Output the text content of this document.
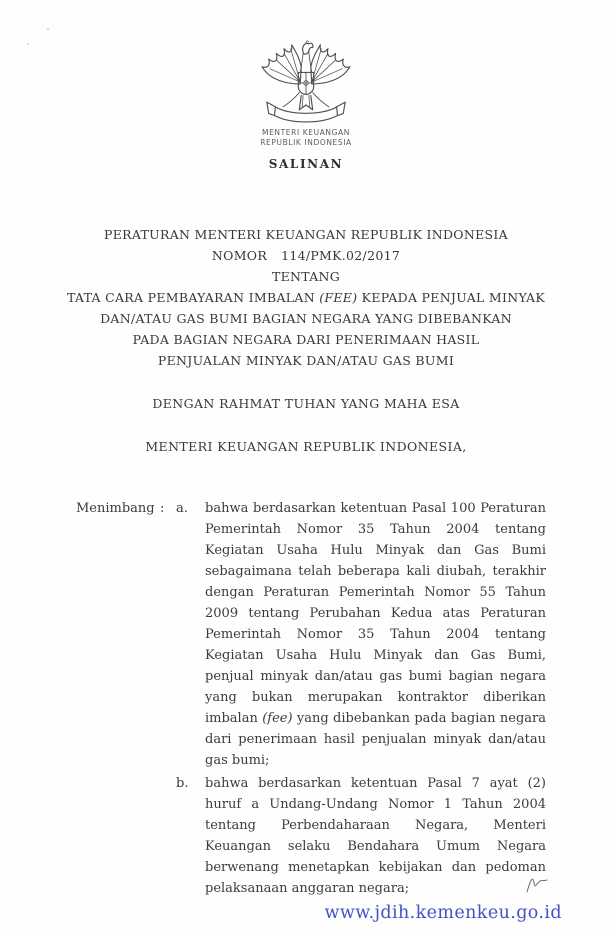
MENTERI KEUANGAN
REPUBLIK INDONESIA
SALINAN
PERATURAN MENTERI KEUANGAN REPUBLIK INDONESIA
NOMOR 114/PMK.02/2017
TENTANG
TATA CARA PEMBAYARAN IMBALAN (FEE) KEPADA PENJUAL MINYAK
DAN/ATAU GAS BUMI BAGIAN NEGARA YANG DIBEBANKAN
PADA BAGIAN NEGARA DARI PENERIMAAN HASIL
PENJUALAN MINYAK DAN/ATAU GAS BUMI
DENGAN RAHMAT TUHAN YANG MAHA ESA
MENTERI KEUANGAN REPUBLIK INDONESIA,
Menimbang : a.	bahwa berdasarkan ketentuan Pasal 100 Peraturan Pemerintah Nomor 35 Tahun 2004 tentang Kegiatan Usaha Hulu Minyak dan Gas Bumi sebagaimana telah beberapa kali diubah, terakhir dengan Peraturan Pemerintah Nomor 55 Tahun 2009 tentang Perubahan Kedua atas Peraturan Pemerintah Nomor 35 Tahun 2004 tentang Kegiatan Usaha Hulu Minyak dan Gas Bumi, penjual minyak dan/atau gas bumi bagian negara yang bukan merupakan kontraktor diberikan imbalan (fee) yang dibebankan pada bagian negara dari penerimaan hasil penjualan minyak dan/atau gas bumi;
b.	bahwa berdasarkan ketentuan Pasal 7 ayat (2) huruf a Undang-Undang Nomor 1 Tahun 2004 tentang Perbendaharaan Negara, Menteri Keuangan selaku Bendahara Umum Negara berwenang menetapkan kebijakan dan pedoman pelaksanaan anggaran negara;
www.jdih.kemenkeu.go.id
